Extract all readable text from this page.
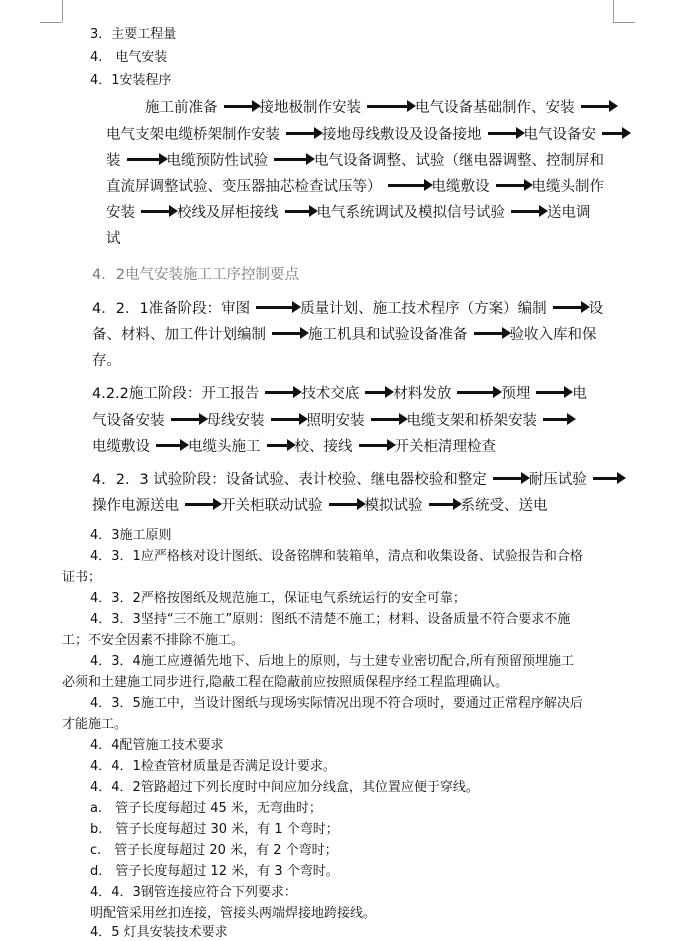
3．主要工程量
4.　电气安装
4．1安装程序
施工前准备	接地极制作安装	电气设备基础制作、安装
电气支架电缆桥架制作安装	接地母线敷设及设备接地	电气设备安
装	电缆预防性试验	电气设备调整、试验（继电器调整、控制屏和
直流屏调整试验、变压器抽芯检查试压等）	电缆敷设	电缆头制作
安装	校线及屏柜接线	电气系统调试及模拟信号试验	送电调
试
4．2电气安装施工工序控制要点
4．2．1准备阶段：审图	质量计划、施工技术程序（方案）编制	设
备、材料、加工件计划编制	施工机具和试验设备准备	验收入库和保
存。
4.2.2施工阶段：开工报告	技术交底 材料发放	预埋	电
气设备安装	母线安装	照明安装	电缆支架和桥架安装
电缆敷设	电缆头施工 校、接线	开关柜清理检查
4．2．3 试验阶段：设备试验、表计校验、继电器校验和整定	耐压试验
操作电源送电	开关柜联动试验	模拟试验	系统受、送电
4．3施工原则
4．3．1应严格核对设计图纸、设备铭牌和装箱单，清点和收集设备、试验报告和合格
证书；
4．3．2严格按图纸及规范施工，保证电气系统运行的安全可靠；
4．3．3坚持“三不施工”原则：图纸不清楚不施工；材料、设备质量不符合要求不施
工；不安全因素不排除不施工。
4．3．4施工应遵循先地下、后地上的原则，与土建专业密切配合,所有预留预埋施工
必须和土建施工同步进行,隐蔽工程在隐蔽前应按照质保程序经工程监理确认。
4．3．5施工中，当设计图纸与现场实际情况出现不符合项时，要通过正常程序解决后
才能施工。
4．4配管施工技术要求
4．4．1检查管材质量是否满足设计要求。
4．4．2管路超过下列长度时中间应加分线盒，其位置应便于穿线。
a.　管子长度每超过 45 米，无弯曲时；
b.　管子长度每超过 30 米，有 1 个弯时；
c.　管子长度每超过 20 米，有 2 个弯时；
d.　管子长度每超过 12 米，有 3 个弯时。
4．4．3钢管连接应符合下列要求：
明配管采用丝扣连接，管接头两端焊接地跨接线。
4．5 灯具安装技术要求
